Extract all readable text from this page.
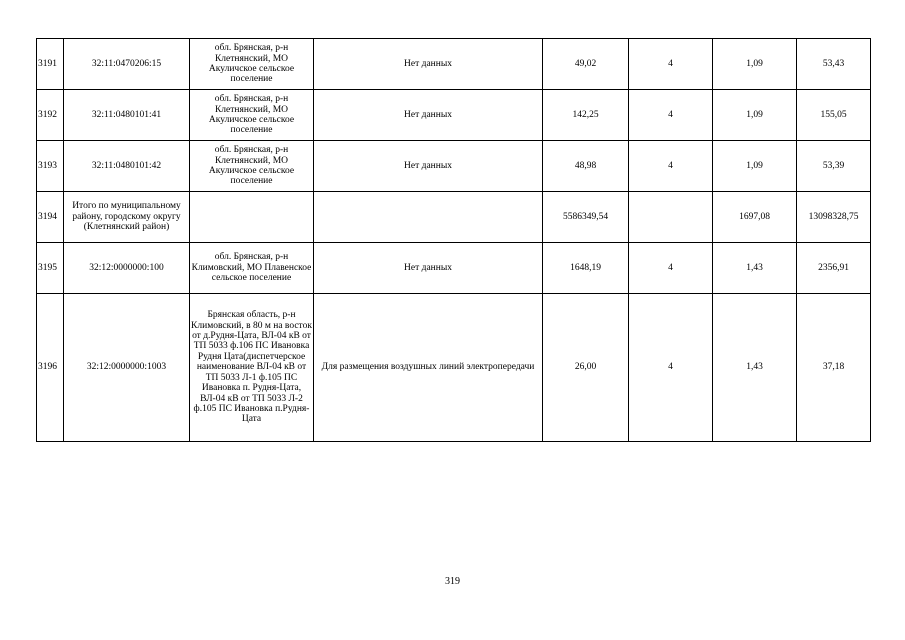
3191	32:11:0470206:15	обл. Брянская, р-н Клетнянский, МО Акуличское сельское поселение	Нет данных	49,02	4	1,09	53,43
3192	32:11:0480101:41	обл. Брянская, р-н Клетнянский, МО Акуличское сельское поселение	Нет данных	142,25	4	1,09	155,05
3193	32:11:0480101:42	обл. Брянская, р-н Клетнянский, МО Акуличское сельское поселение	Нет данных	48,98	4	1,09	53,39
3194	Итого по муниципальному району, городскому округу (Клетнянский район)			5586349,54		1697,08	13098328,75
3195	32:12:0000000:100	обл. Брянская, р-н Климовский, МО Плавенское сельское поселение	Нет данных	1648,19	4	1,43	2356,91
3196	32:12:0000000:1003	Брянская область, р-н Климовский, в 80 м на восток от д.Рудня-Цата, ВЛ-04 кВ от ТП 5033 ф.106 ПС Ивановка Рудня Цата(диспетчерское наименование ВЛ-04 кВ от ТП 5033 Л-1 ф.105 ПС Ивановка п. Рудня-Цата, ВЛ-04 кВ от ТП 5033 Л-2 ф.105 ПС Ивановка п.Рудня-Цата	Для размещения воздушных линий электропередачи	26,00	4	1,43	37,18
319
